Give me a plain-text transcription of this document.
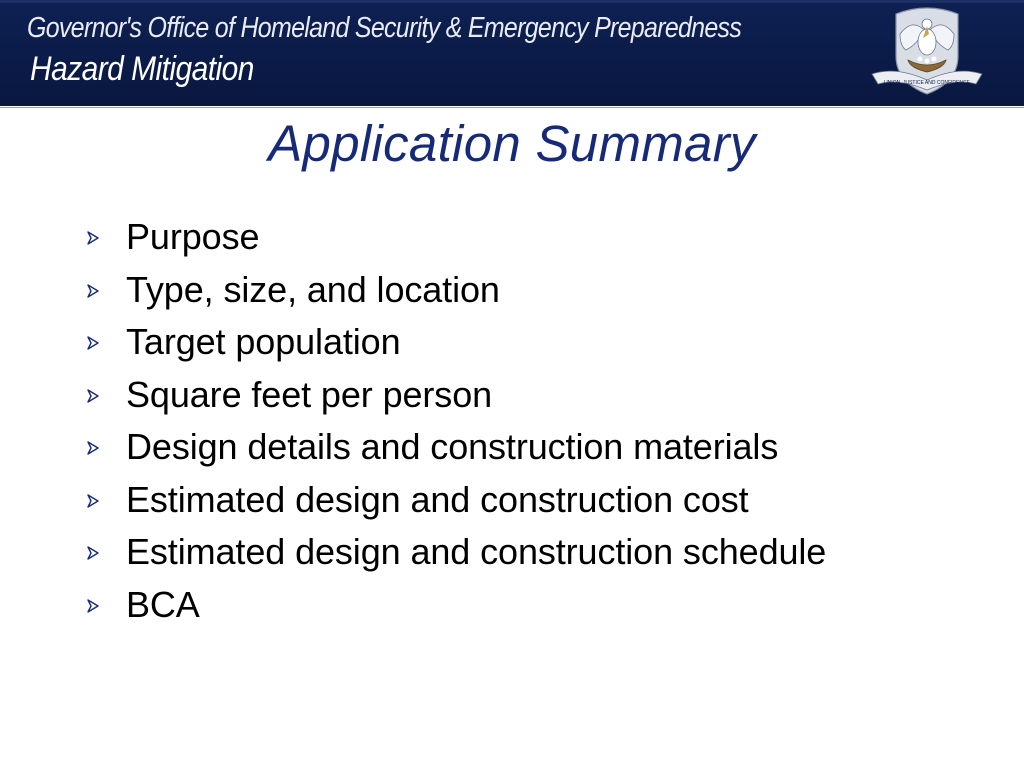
Governor's Office of Homeland Security & Emergency Preparedness
Hazard Mitigation	UNION, JUSTICE AND CONFIDENCE
Application Summary
Purpose
Type, size, and location
Target population
Square feet per person
Design details and construction materials
Estimated design and construction cost
Estimated design and construction schedule
BCA
